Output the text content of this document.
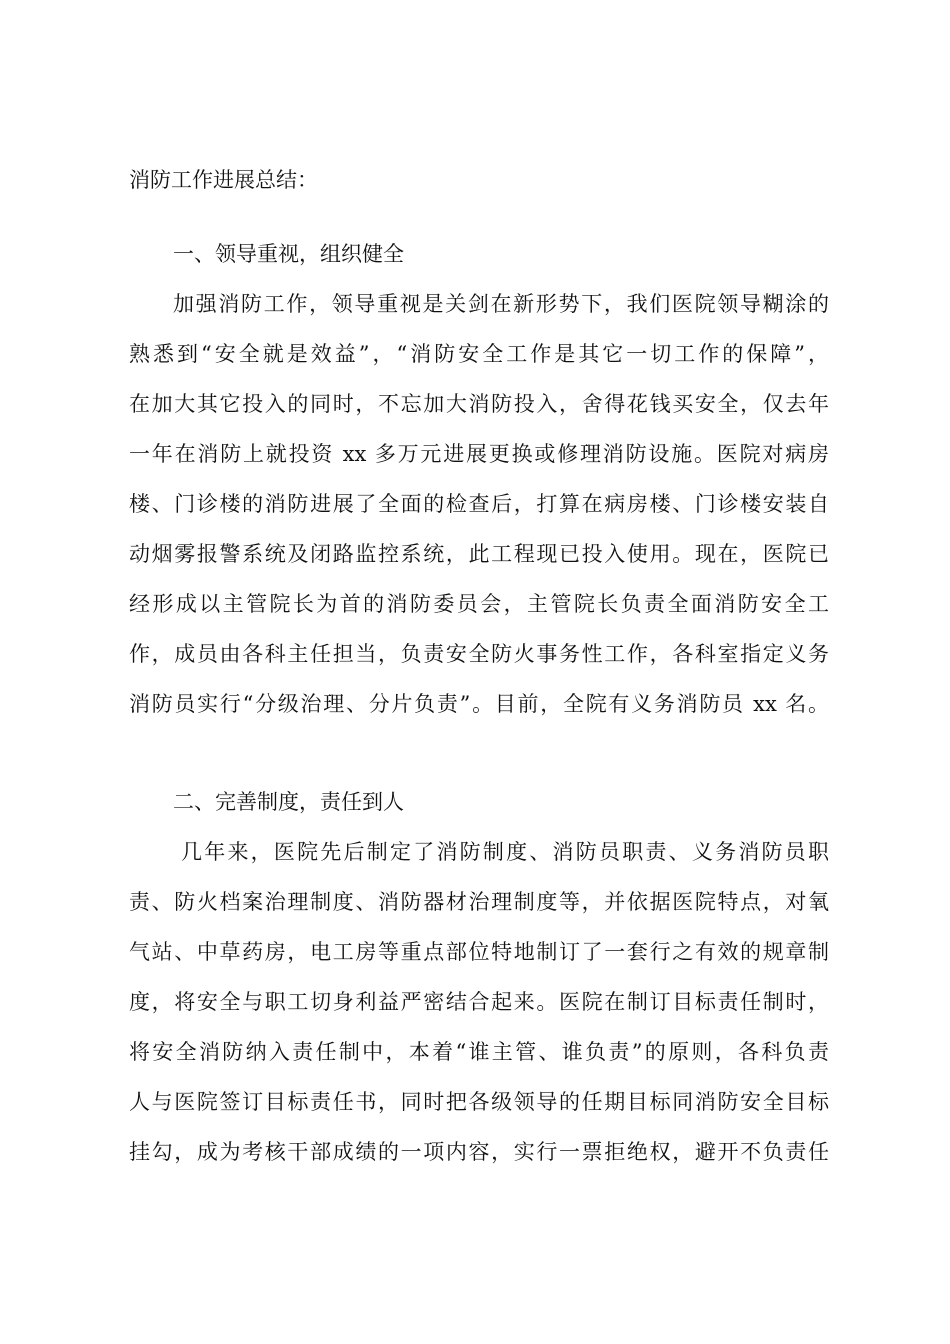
消防工作进展总结：
一、领导重视，组织健全
加强消防工作，领导重视是关剑在新形势下，我们医院领导糊涂的
熟悉到“安全就是效益”，“消防安全工作是其它一切工作的保障”，
在加大其它投入的同时，不忘加大消防投入，舍得花钱买安全，仅去年
一年在消防上就投资 xx 多万元进展更换或修理消防设施。医院对病房
楼、门诊楼的消防进展了全面的检查后，打算在病房楼、门诊楼安装自
动烟雾报警系统及闭路监控系统，此工程现已投入使用。现在，医院已
经形成以主管院长为首的消防委员会，主管院长负责全面消防安全工
作，成员由各科主任担当，负责安全防火事务性工作，各科室指定义务
消防员实行“分级治理、分片负责”。目前，全院有义务消防员 xx 名。
二、完善制度，责任到人
几年来，医院先后制定了消防制度、消防员职责、义务消防员职
责、防火档案治理制度、消防器材治理制度等，并依据医院特点，对氧
气站、中草药房，电工房等重点部位特地制订了一套行之有效的规章制
度，将安全与职工切身利益严密结合起来。医院在制订目标责任制时，
将安全消防纳入责任制中，本着“谁主管、谁负责”的原则，各科负责
人与医院签订目标责任书，同时把各级领导的任期目标同消防安全目标
挂勾，成为考核干部成绩的一项内容，实行一票拒绝权，避开不负责任
